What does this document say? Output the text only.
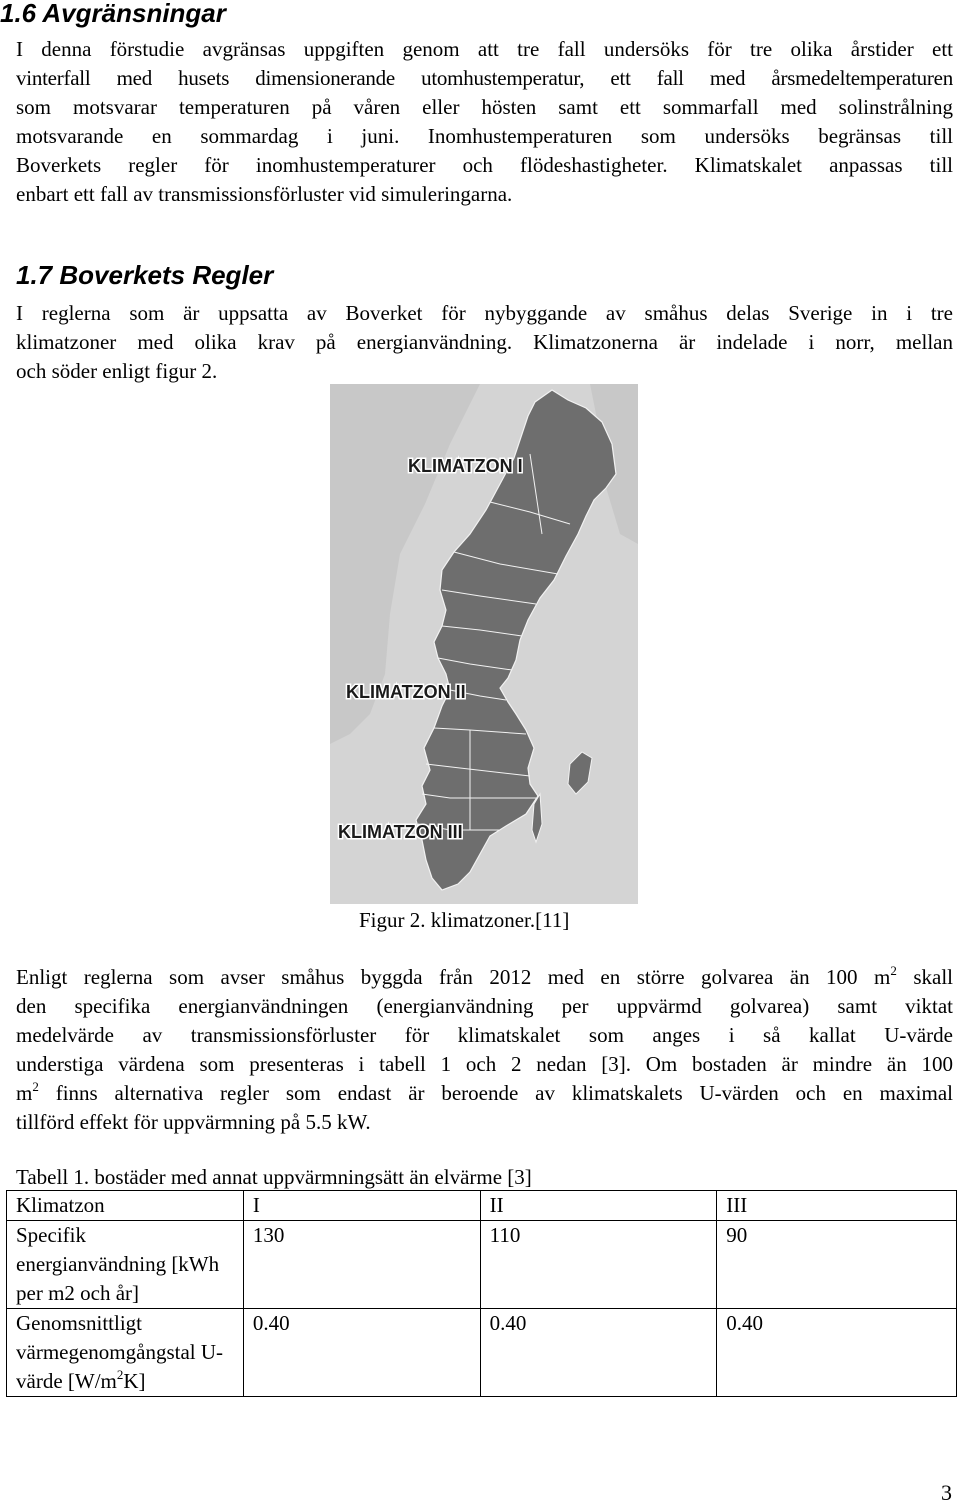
1.6 Avgränsningar
I denna förstudie avgränsas uppgiften genom att tre fall undersöks för tre olika årstider ett
vinterfall med husets dimensionerande utomhustemperatur, ett fall med årsmedeltemperaturen
som motsvarar temperaturen på våren eller hösten samt ett sommarfall med solinstrålning
motsvarande en sommardag i juni. Inomhustemperaturen som undersöks begränsas till
Boverkets regler för inomhustemperaturer och flödeshastigheter. Klimatskalet anpassas till
enbart ett fall av transmissionsförluster vid simuleringarna.
1.7 Boverkets Regler
I reglerna som är uppsatta av Boverket för nybyggande av småhus delas Sverige in i tre
klimatzoner med olika krav på energianvändning. Klimatzonerna är indelade i norr, mellan
och söder enligt figur 2.
KLIMATZON I
KLIMATZON II
KLIMATZON III
Figur 2. klimatzoner.[11]
Enligt reglerna som avser småhus byggda från 2012 med en större golvarea än 100 $m^2$ skall
den specifika energianvändningen (energianvändning per uppvärmd golvarea) samt viktat
medelvärde av transmissionsförluster för klimatskalet som anges i så kallat U-värde
understiga värdena som presenteras i tabell 1 och 2 nedan [3]. Om bostaden är mindre än 100
$m^2$ finns alternativa regler som endast är beroende av klimatskalets U-värden och en maximal
tillförd effekt för uppvärmning på 5.5 kW.
Tabell 1. bostäder med annat uppvärmningsätt än elvärme [3]
Klimatzon	I	II	III
Specifik energianvändning [kWh per m2 och år]	130	110	90
Genomsnittligt värmegenomgångstal U-värde $[W/m^2K]$	0.40	0.40	0.40
3
